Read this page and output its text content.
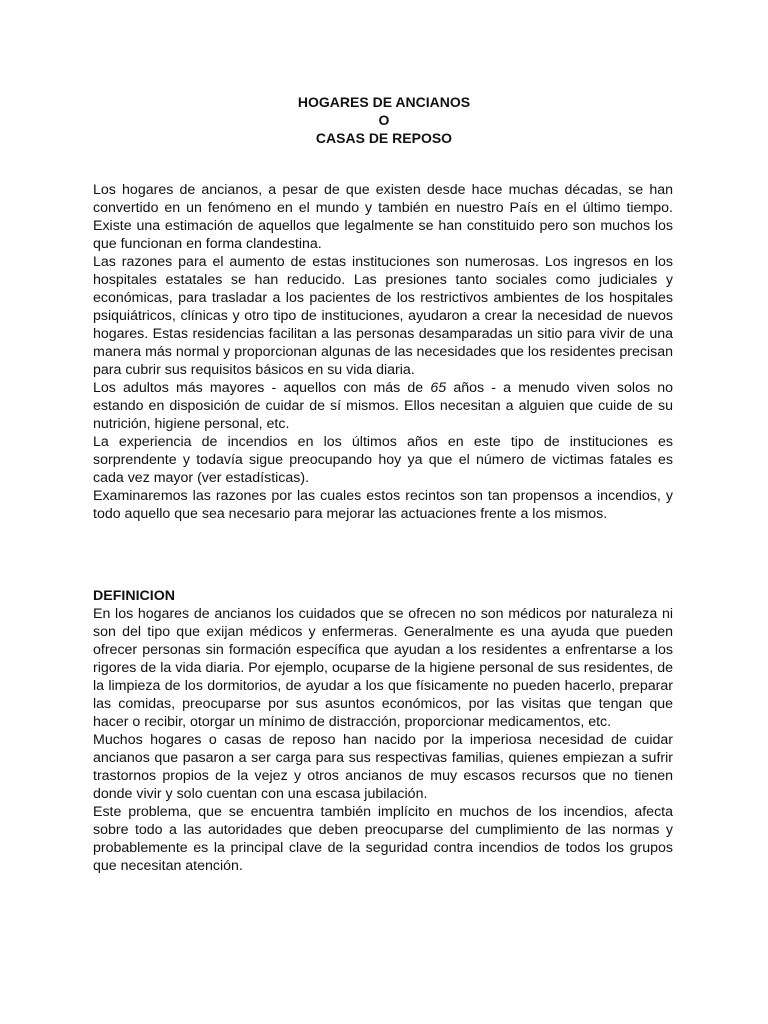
HOGARES DE ANCIANOS
O
CASAS DE REPOSO

Los hogares de ancianos, a pesar de que existen desde hace muchas décadas, se han convertido en un fenómeno en el mundo y también en nuestro País en el último tiempo. Existe una estimación de aquellos que legalmente se han constituido pero son muchos los que funcionan en forma clandestina.

Las razones para el aumento de estas instituciones son numerosas. Los ingresos en los hospitales estatales se han reducido. Las presiones tanto sociales como judiciales y económicas, para trasladar a los pacientes de los restrictivos ambientes de los hospitales psiquiátricos, clínicas y otro tipo de instituciones, ayudaron a crear la necesidad de nuevos hogares. Estas residencias facilitan a las personas desamparadas un sitio para vivir de una manera más normal y proporcionan algunas de las necesidades que los residentes precisan para cubrir sus requisitos básicos en su vida diaria.

Los adultos más mayores - aquellos con más de 65 años - a menudo viven solos no estando en disposición de cuidar de sí mismos. Ellos necesitan a alguien que cuide de su nutrición, higiene personal, etc.

La experiencia de incendios en los últimos años en este tipo de instituciones es sorprendente y todavía sigue preocupando hoy ya que el número de victimas fatales es cada vez mayor (ver estadísticas).

Examinaremos las razones por las cuales estos recintos son tan propensos a incendios, y todo aquello que sea necesario para mejorar las actuaciones frente a los mismos.

DEFINICION

En los hogares de ancianos los cuidados que se ofrecen no son médicos por naturaleza ni son del tipo que exijan médicos y enfermeras. Generalmente es una ayuda que pueden ofrecer personas sin formación específica que ayudan a los residentes a enfrentarse a los rigores de la vida diaria. Por ejemplo, ocuparse de la higiene personal de sus residentes, de la limpieza de los dormitorios, de ayudar a los que físicamente no pueden hacerlo, preparar las comidas, preocuparse por sus asuntos económicos, por las visitas que tengan que hacer o recibir, otorgar un mínimo de distracción, proporcionar medicamentos, etc.

Muchos hogares o casas de reposo han nacido por la imperiosa necesidad de cuidar ancianos que pasaron a ser carga para sus respectivas familias, quienes empiezan a sufrir trastornos propios de la vejez y otros ancianos de muy escasos recursos que no tienen donde vivir y solo cuentan con una escasa jubilación.

Este problema, que se encuentra también implícito en muchos de los incendios, afecta sobre todo a las autoridades que deben preocuparse del cumplimiento de las normas y probablemente es la principal clave de la seguridad contra incendios de todos los grupos que necesitan atención.
